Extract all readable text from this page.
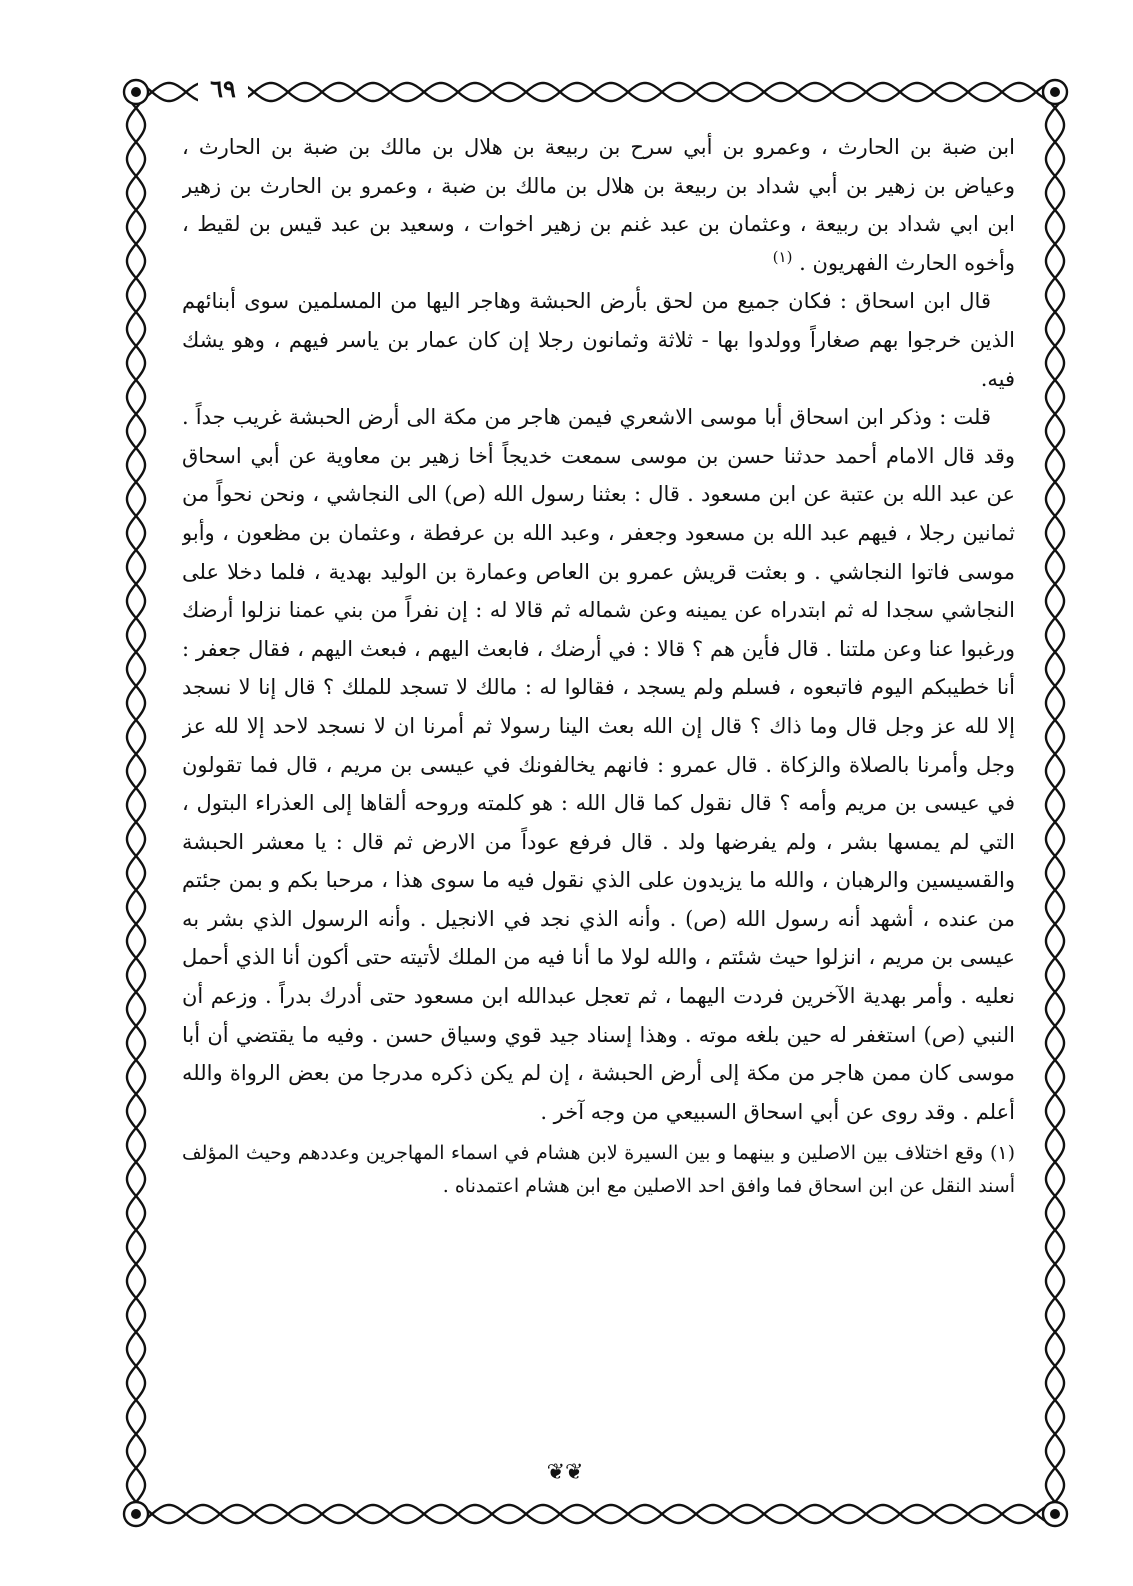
٦٩

ابن ضبة بن الحارث ، وعمرو بن أبي سرح بن ربيعة بن هلال بن مالك بن ضبة بن الحارث ، وعياض بن زهير بن أبي شداد بن ربيعة بن هلال بن مالك بن ضبة ، وعمرو بن الحارث بن زهير ابن ابي شداد بن ربيعة ، وعثمان بن عبد غنم بن زهير اخوات ، وسعيد بن عبد قيس بن لقيط ، وأخوه الحارث الفهريون . $^{(١)}$

قال ابن اسحاق : فكان جميع من لحق بأرض الحبشة وهاجر اليها من المسلمين سوى أبنائهم الذين خرجوا بهم صغاراً وولدوا بها - ثلاثة وثمانون رجلا إن كان عمار بن ياسر فيهم ، وهو يشك فيه.

قلت : وذكر ابن اسحاق أبا موسى الاشعري فيمن هاجر من مكة الى أرض الحبشة غريب جداً . وقد قال الامام أحمد حدثنا حسن بن موسى سمعت خديجاً أخا زهير بن معاوية عن أبي اسحاق عن عبد الله بن عتبة عن ابن مسعود . قال : بعثنا رسول الله (ص) الى النجاشي ، ونحن نحواً من ثمانين رجلا ، فيهم عبد الله بن مسعود وجعفر ، وعبد الله بن عرفطة ، وعثمان بن مظعون ، وأبو موسى فاتوا النجاشي . و بعثت قريش عمرو بن العاص وعمارة بن الوليد بهدية ، فلما دخلا على النجاشي سجدا له ثم ابتدراه عن يمينه وعن شماله ثم قالا له : إن نفراً من بني عمنا نزلوا أرضك ورغبوا عنا وعن ملتنا . قال فأين هم ؟ قالا : في أرضك ، فابعث اليهم ، فبعث اليهم ، فقال جعفر : أنا خطيبكم اليوم فاتبعوه ، فسلم ولم يسجد ، فقالوا له : مالك لا تسجد للملك ؟ قال إنا لا نسجد إلا لله عز وجل قال وما ذاك ؟ قال إن الله بعث الينا رسولا ثم أمرنا ان لا نسجد لاحد إلا لله عز وجل وأمرنا بالصلاة والزكاة . قال عمرو : فانهم يخالفونك في عيسى بن مريم ، قال فما تقولون في عيسى بن مريم وأمه ؟ قال نقول كما قال الله : هو كلمته وروحه ألقاها إلى العذراء البتول ، التي لم يمسها بشر ، ولم يفرضها ولد . قال فرفع عوداً من الارض ثم قال : يا معشر الحبشة والقسيسين والرهبان ، والله ما يزيدون على الذي نقول فيه ما سوى هذا ، مرحبا بكم و بمن جئتم من عنده ، أشهد أنه رسول الله (ص) . وأنه الذي نجد في الانجيل . وأنه الرسول الذي بشر به عيسى بن مريم ، انزلوا حيث شئتم ، والله لولا ما أنا فيه من الملك لأتيته حتى أكون أنا الذي أحمل نعليه . وأمر بهدية الآخرين فردت اليهما ، ثم تعجل عبدالله ابن مسعود حتى أدرك بدراً . وزعم أن النبي (ص) استغفر له حين بلغه موته . وهذا إسناد جيد قوي وسياق حسن . وفيه ما يقتضي أن أبا موسى كان ممن هاجر من مكة إلى أرض الحبشة ، إن لم يكن ذكره مدرجا من بعض الرواة والله أعلم . وقد روى عن أبي اسحاق السبيعي من وجه آخر .

(١) وقع اختلاف بين الاصلين و بينهما و بين السيرة لابن هشام في اسماء المهاجرين وعددهم وحيث المؤلف أسند النقل عن ابن اسحاق فما وافق احد الاصلين مع ابن هشام اعتمدناه .

❦❦
